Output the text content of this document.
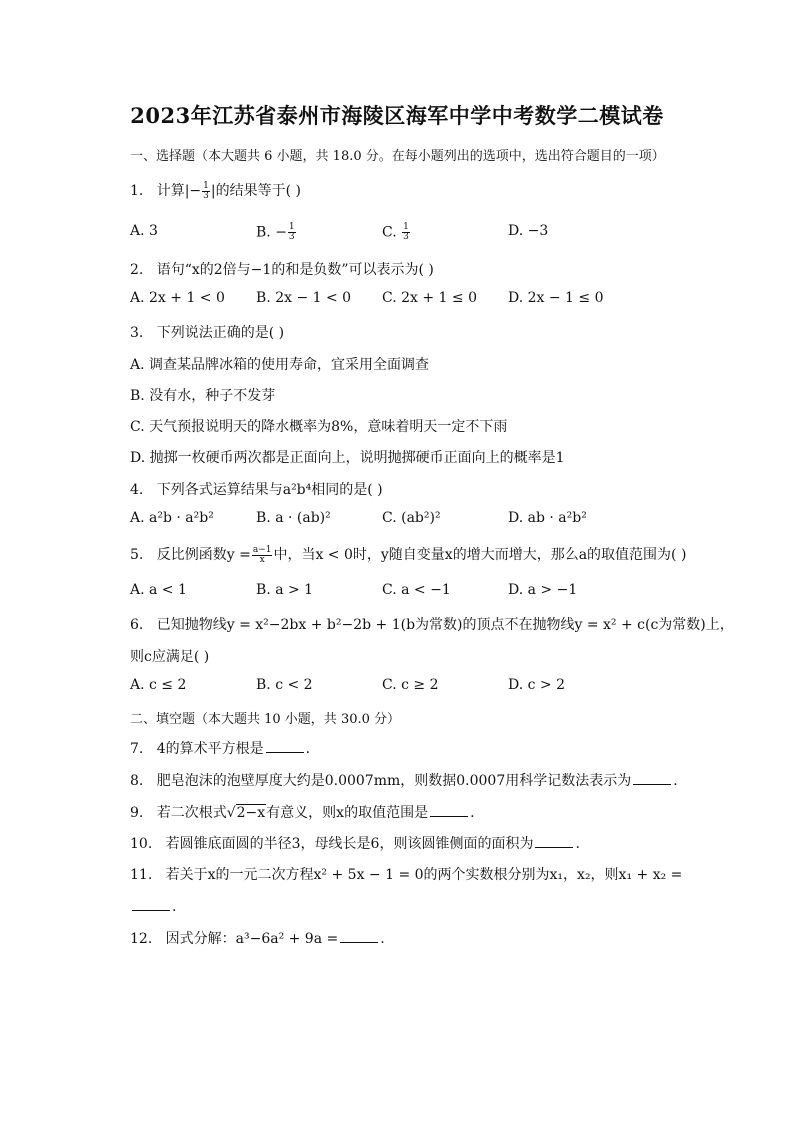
2023年江苏省泰州市海陵区海军中学中考数学二模试卷
一、选择题（本大题共 6 小题，共 18.0 分。在每小题列出的选项中，选出符合题目的一项）
1. 计算|− $\frac{1}{3}$ |的结果等于( )
A. 3	B. − $\frac{1}{3}$	C. $\frac{1}{3}$	D. −3
2. 语句“x的2倍与−1的和是负数”可以表示为( )
A. 2x + 1 < 0 B. 2x − 1 < 0 C. 2x + 1 ≤ 0 D. 2x − 1 ≤ 0
3. 下列说法正确的是( )
A. 调查某品牌冰箱的使用寿命，宜采用全面调查
B. 没有水，种子不发芽
C. 天气预报说明天的降水概率为8%，意味着明天一定不下雨
D. 抛掷一枚硬币两次都是正面向上，说明抛掷硬币正面向上的概率是1
4. 下列各式运算结果与a²b⁴相同的是( )
A. a²b · a²b²	B. a · (ab)²	C. (ab²)²	D. ab · a²b²
5. 反比例函数$y = \frac{a-1}{x}$ 中，当x < 0时，y随自变量x的增大而增大，那么a的取值范围为( )
A. a < 1	B. a > 1	C. a < −1	D. a > −1
6. 已知抛物线y = x²−2bx + b²−2b + 1(b为常数)的顶点不在抛物线y = x² + c(c为常数)上，
则c应满足( )
A. c ≤ 2	B. c < 2	C. c ≥ 2	D. c > 2
二、填空题（本大题共 10 小题，共 30.0 分）
7. 4的算术平方根是	.
8. 肥皂泡沫的泡壁厚度大约是0.0007mm，则数据0.0007用科学记数法表示为	.
9. 若二次根式√2−x有意义，则x的取值范围是	.
10. 若圆锥底面圆的半径3，母线长是6，则该圆锥侧面的面积为	.
11. 若关于x的一元二次方程x² + 5x − 1 = 0的两个实数根分别为x₁，x₂，则x₁ + x₂ =
.
12. 因式分解：a³−6a² + 9a =	.
